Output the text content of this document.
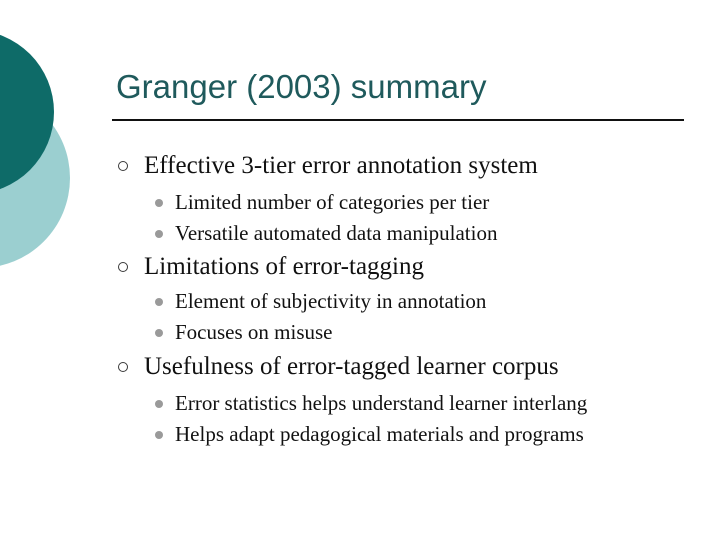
Granger (2003) summary
Effective 3-tier error annotation system
Limited number of categories per tier
Versatile automated data manipulation
Limitations of error-tagging
Element of subjectivity in annotation
Focuses on misuse
Usefulness of error-tagged learner corpus
Error statistics helps understand learner interlang
Helps adapt pedagogical materials and programs
